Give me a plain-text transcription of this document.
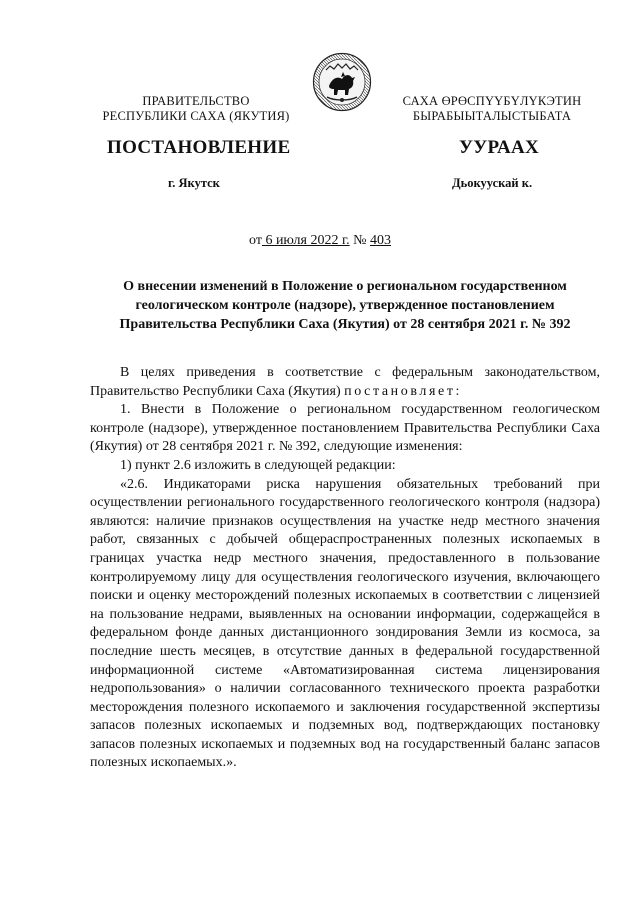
ПРАВИТЕЛЬСТВО
РЕСПУБЛИКИ САХА (ЯКУТИЯ)
САХА ӨРӨСПҮҮБҮЛҮКЭТИН
БЫРАБЫЫТАЛЫСТЫБАТА
ПОСТАНОВЛЕНИЕ	УУРААХ
г. Якутск	Дьокуускай к.
от 6 июля 2022 г. № 403
О внесении изменений в Положение о региональном государственном геологическом контроле (надзоре), утвержденное постановлением Правительства Республики Саха (Якутия) от 28 сентября 2021 г. № 392

В целях приведения в соответствие с федеральным законодательством, Правительство Республики Саха (Якутия) постановляет:

1. Внести в Положение о региональном государственном геологическом контроле (надзоре), утвержденное постановлением Правительства Республики Саха (Якутия) от 28 сентября 2021 г. № 392, следующие изменения:

1) пункт 2.6 изложить в следующей редакции:

«2.6. Индикаторами риска нарушения обязательных требований при осуществлении регионального государственного геологического контроля (надзора) являются: наличие признаков осуществления на участке недр местного значения работ, связанных с добычей общераспространенных полезных ископаемых в границах участка недр местного значения, предоставленного в пользование контролируемому лицу для осуществления геологического изучения, включающего поиски и оценку месторождений полезных ископаемых в соответствии с лицензией на пользование недрами, выявленных на основании информации, содержащейся в федеральном фонде данных дистанционного зондирования Земли из космоса, за последние шесть месяцев, в отсутствие данных в федеральной государственной информационной системе «Автоматизированная система лицензирования недропользования» о наличии согласованного технического проекта разработки месторождения полезного ископаемого и заключения государственной экспертизы запасов полезных ископаемых и подземных вод, подтверждающих постановку запасов полезных ископаемых и подземных вод на государственный баланс запасов полезных ископаемых.».
